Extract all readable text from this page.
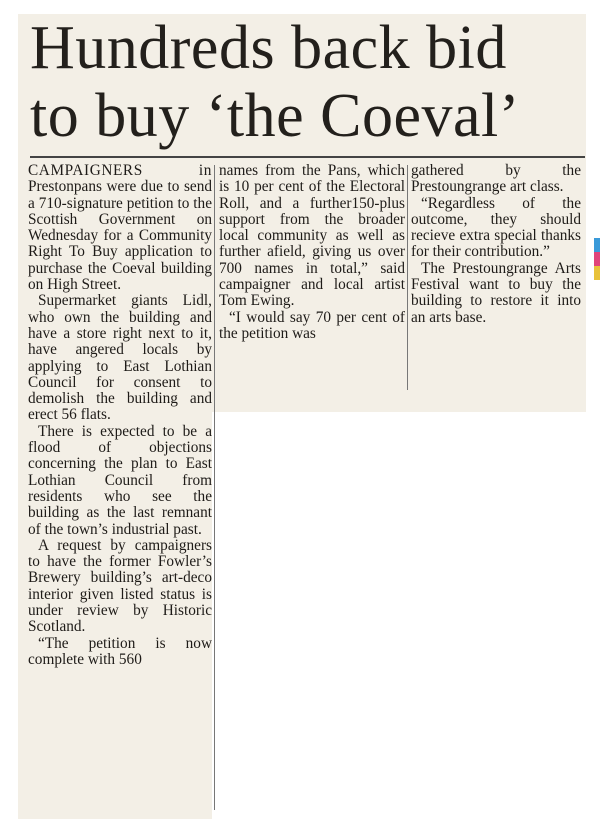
Hundreds back bid
to buy ‘the Coeval’

CAMPAIGNERS in Prestonpans were due to send a 710-signature petition to the Scottish Government on Wednesday for a Community Right To Buy application to purchase the Coeval building on High Street.

Supermarket giants Lidl, who own the building and have a store right next to it, have angered locals by applying to East Lothian Council for consent to demolish the building and erect 56 flats.

There is expected to be a flood of objections concerning the plan to East Lothian Council from residents who see the building as the last remnant of the town’s industrial past.

A request by campaigners to have the former Fowler’s Brewery building’s art-deco interior given listed status is under review by Historic Scotland.

“The petition is now complete with 560

names from the Pans, which is 10 per cent of the Electoral Roll, and a further150-plus support from the broader local community as well as further afield, giving us over 700 names in total,” said campaigner and local artist Tom Ewing.

“I would say 70 per cent of the petition was

gathered by the Prestoungrange art class.

“Regardless of the outcome, they should recieve extra special thanks for their contribution.”

The Prestoungrange Arts Festival want to buy the building to restore it into an arts base.
